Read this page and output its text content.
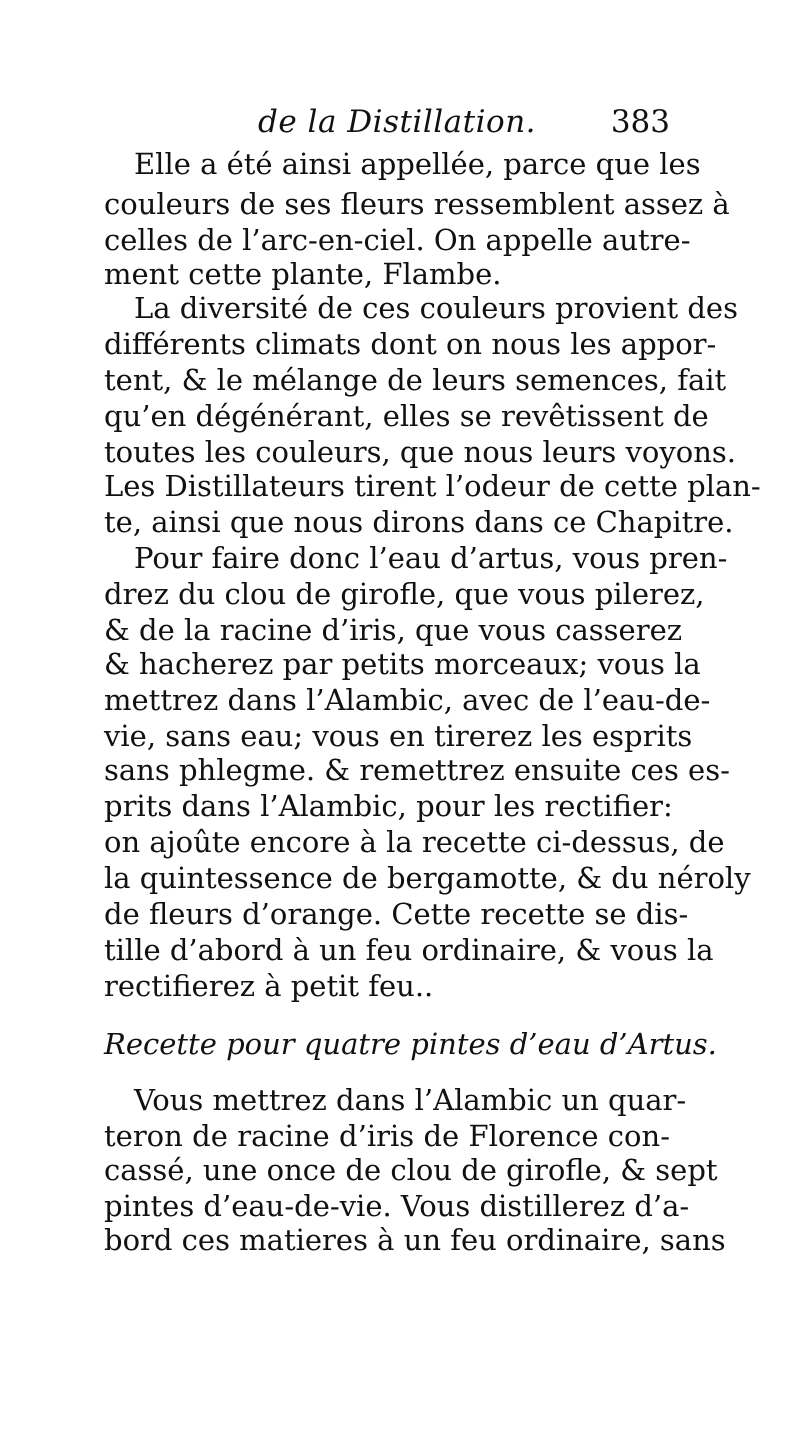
de la Distillation. 383
Elle a été ainsi appellée, parce que les
couleurs de ses fleurs ressemblent assez à
celles de l’arc-en-ciel. On appelle autre-
ment cette plante, Flambe.
La diversité de ces couleurs provient des
différents climats dont on nous les appor-
tent, & le mélange de leurs semences, fait
qu’en dégénérant, elles se revêtissent de
toutes les couleurs, que nous leurs voyons.
Les Distillateurs tirent l’odeur de cette plan-
te, ainsi que nous dirons dans ce Chapitre.
Pour faire donc l’eau d’artus, vous pren-
drez du clou de girofle, que vous pilerez,
& de la racine d’iris, que vous casserez
& hacherez par petits morceaux; vous la
mettrez dans l’Alambic, avec de l’eau-de-
vie, sans eau; vous en tirerez les esprits
sans phlegme. & remettrez ensuite ces es-
prits dans l’Alambic, pour les rectifier:
on ajoûte encore à la recette ci-dessus, de
la quintessence de bergamotte, & du néroly
de fleurs d’orange. Cette recette se dis-
tille d’abord à un feu ordinaire, & vous la
rectifierez à petit feu..
Recette pour quatre pintes d’eau d’Artus.
Vous mettrez dans l’Alambic un quar-
teron de racine d’iris de Florence con-
cassé, une once de clou de girofle, & sept
pintes d’eau-de-vie. Vous distillerez d’a-
bord ces matieres à un feu ordinaire, sans
